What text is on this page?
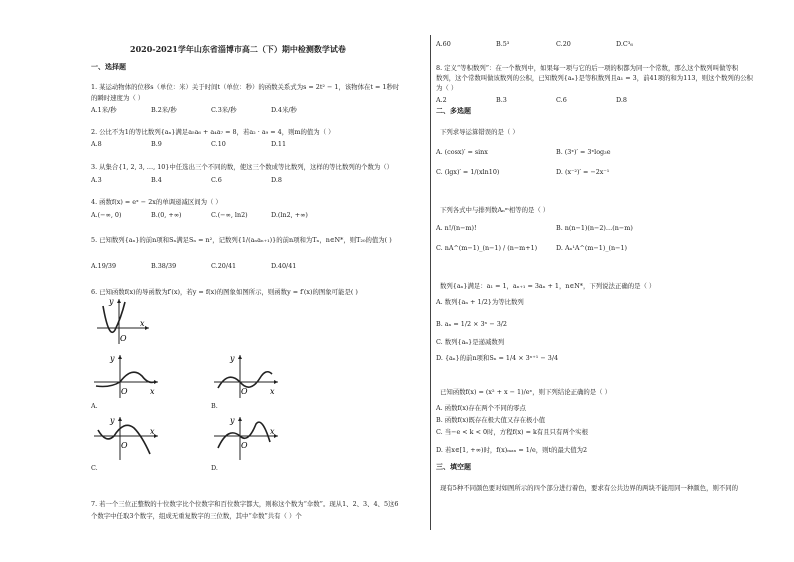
2020-2021学年山东省淄博市高二（下）期中检测数学试卷
一、选择题
1. 某运动物体的位移s（单位：米）关于时间t（单位：秒）的函数关系式为s = 2t² − 1，该物体在t = 1秒时
的瞬时速度为（ ）
A.1米/秒	B.2米/秒	C.3米/秒	D.4米/秒
2. 公比不为1的等比数列{aₙ}满足a₅a₆ + a₄a₇ = 8，若a₂ · a₉ = 4，则m的值为（ ）
A.8	B.9	C.10	D.11
3. 从集合{1, 2, 3, …, 10}中任选出三个不同的数，使这三个数成等比数列，这样的等比数列的个数为（）
A.3	B.4	C.6	D.8
4. 函数f(x) = eˣ − 2x的单调递减区间为（ ）
A.(−∞, 0)	B.(0, +∞)	C.(−∞, ln2)	D.(ln2, +∞)
5. 已知数列{aₙ}的前n项和Sₙ满足Sₙ = n²，记数列{1/(aₙaₙ₊₁)}的前n项和为Tₙ，n∈N*，则T₂₀的值为( )
A.19/39	B.38/39	C.20/41	D.40/41
6. 已知函数f(x)的导函数为f′(x)，若y = f(x)的图象如图所示，则函数y = f′(x)的图象可能是( )
O
x
y
O	x
y
A.
O	x
y
B.
O
x
y
C.
O
x
y
D.
7. 若一个三位正整数的十位数字比个位数字和百位数字都大，则称这个数为“伞数”。现从1、2、3、4、5这6
个数字中任取3个数字，组成无重复数字的三位数，其中“伞数”共有（ ）个
A.60	B.5³	C.20	D.C³₆
8. 定义“等积数列”：在一个数列中，如果每一项与它的后一项的积都为同一个常数，那么这个数列叫做等积
数列，这个常数叫做该数列的公积，已知数列{aₙ}是等积数列且a₁ = 3，前41项的和为113，则这个数列的公积
为（ ）
A.2	B.3	C.6	D.8
二、多选题
下列求导运算错误的是（ ）
A. (cosx)′ = sinx	B. (3ˣ)′ = 3ˣlog₃e
C. (lgx)′ = 1/(xln10)	D. (x⁻²)′ = −2x⁻¹
下列各式中与排列数Aₙᵐ相等的是（ ）
A. n!/(n−m)!	B. n(n−1)(n−2)…(n−m)
C. nA^(m−1)_(n−1) / (n−m+1)	D. Aₙ¹A^(m−1)_(n−1)
数列{aₙ}满足：a₁ = 1，aₙ₊₁ = 3aₙ + 1，n∈N*，下列说法正确的是（ ）
A. 数列{aₙ + 1/2}为等比数列
B. aₙ = 1/2 × 3ⁿ − 3/2
C. 数列{aₙ}是递减数列
D. {aₙ}的前n项和Sₙ = 1/4 × 3ⁿ⁺¹ − 3/4
已知函数f(x) = (x² + x − 1)/eˣ，则下列结论正确的是（ ）
A. 函数f(x)存在两个不同的零点
B. 函数f(x)既存在极大值又存在极小值
C. 当−e < k < 0时，方程f(x) = k有且只有两个实根
D. 若x∈[1, +∞)时，f(x)ₘₐₓ = 1/e，则t的最大值为2
三、填空题
现有5种不同颜色要对如图所示的四个部分进行着色，要求有公共边界的两块不能用同一种颜色，则不同的
